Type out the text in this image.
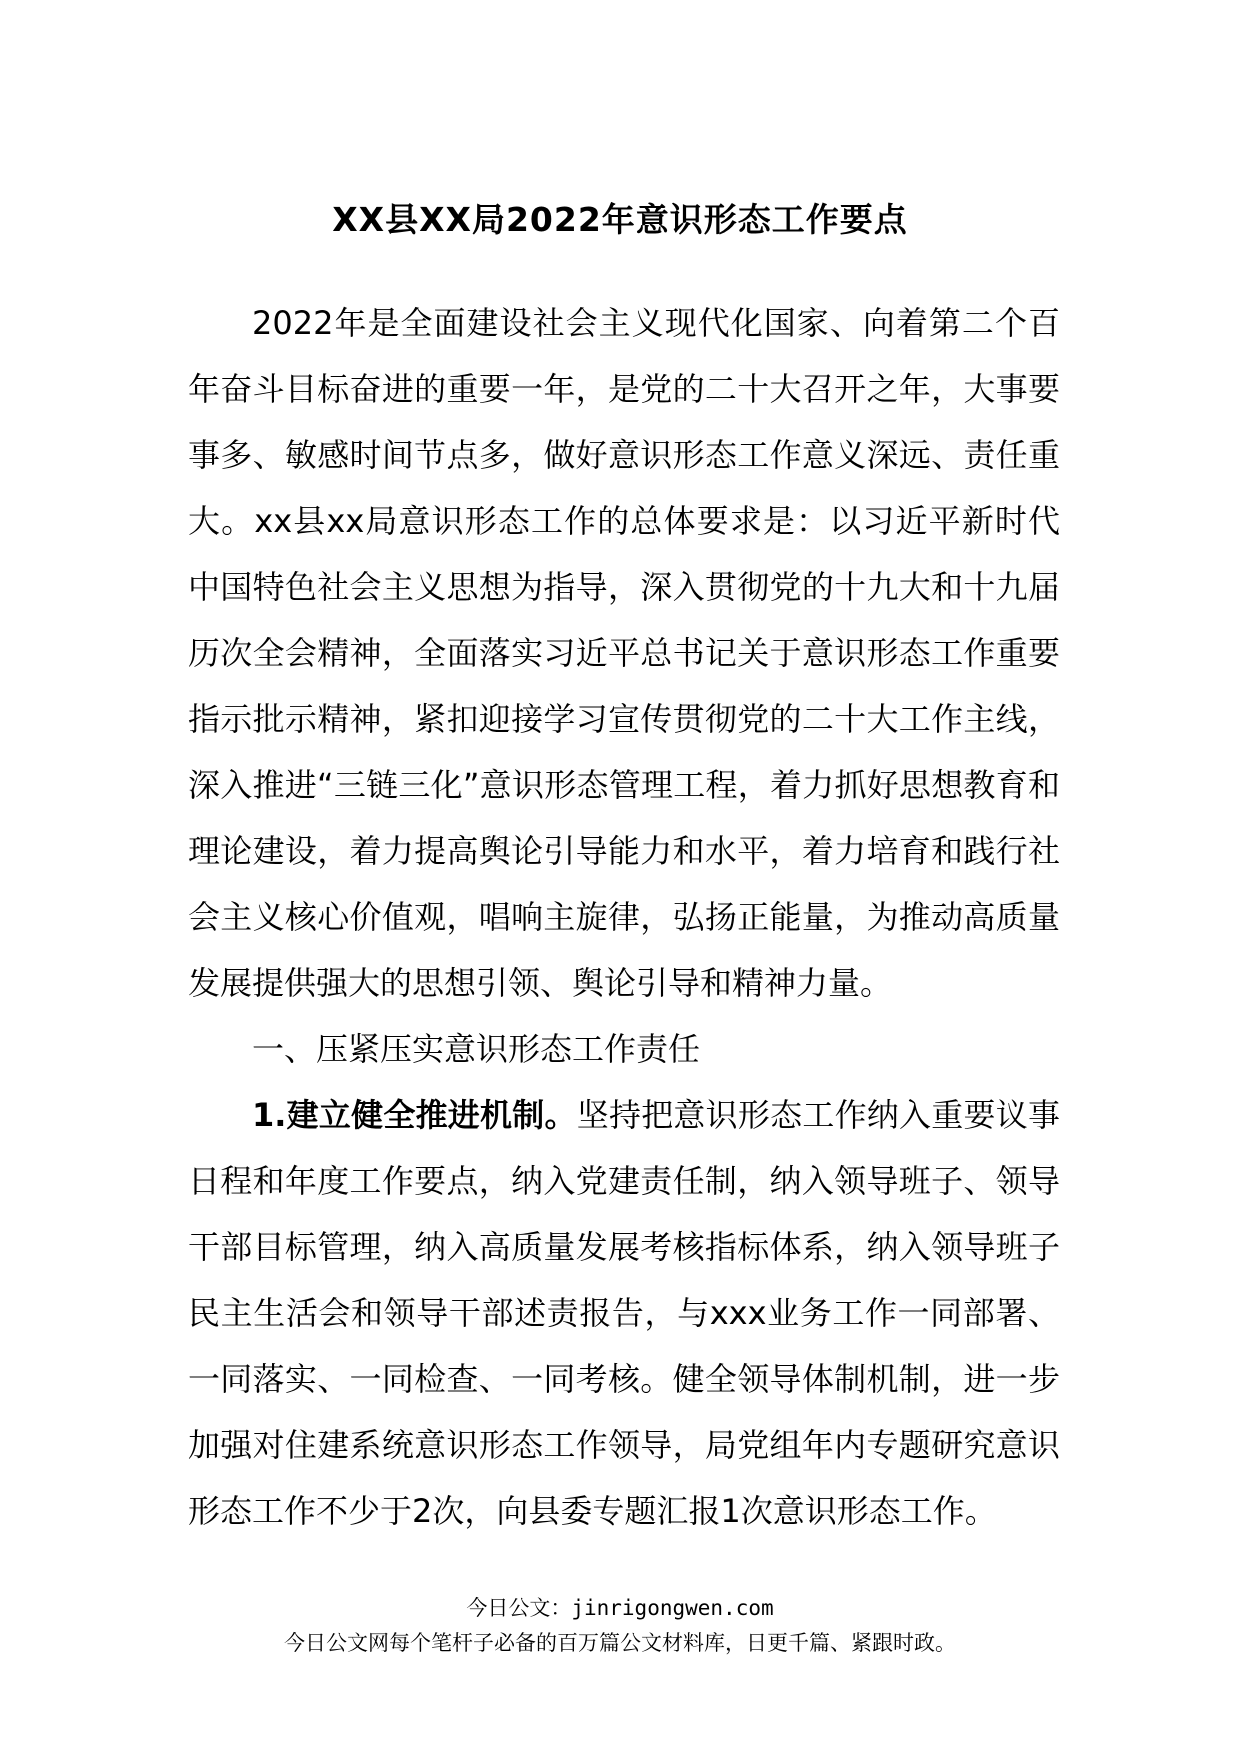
XX县XX局2022年意识形态工作要点

2022年是全面建设社会主义现代化国家、向着第二个百年奋斗目标奋进的重要一年，是党的二十大召开之年，大事要事多、敏感时间节点多，做好意识形态工作意义深远、责任重大。xx县xx局意识形态工作的总体要求是：以习近平新时代中国特色社会主义思想为指导，深入贯彻党的十九大和十九届历次全会精神，全面落实习近平总书记关于意识形态工作重要指示批示精神，紧扣迎接学习宣传贯彻党的二十大工作主线，深入推进“三链三化”意识形态管理工程，着力抓好思想教育和理论建设，着力提高舆论引导能力和水平，着力培育和践行社会主义核心价值观，唱响主旋律，弘扬正能量，为推动高质量发展提供强大的思想引领、舆论引导和精神力量。

一、压紧压实意识形态工作责任

1.建立健全推进机制。坚持把意识形态工作纳入重要议事日程和年度工作要点，纳入党建责任制，纳入领导班子、领导干部目标管理，纳入高质量发展考核指标体系，纳入领导班子民主生活会和领导干部述责报告，与xxx业务工作一同部署、一同落实、一同检查、一同考核。健全领导体制机制，进一步加强对住建系统意识形态工作领导，局党组年内专题研究意识形态工作不少于2次，向县委专题汇报1次意识形态工作。

今日公文：jinrigongwen.com
今日公文网每个笔杆子必备的百万篇公文材料库，日更千篇、紧跟时政。
